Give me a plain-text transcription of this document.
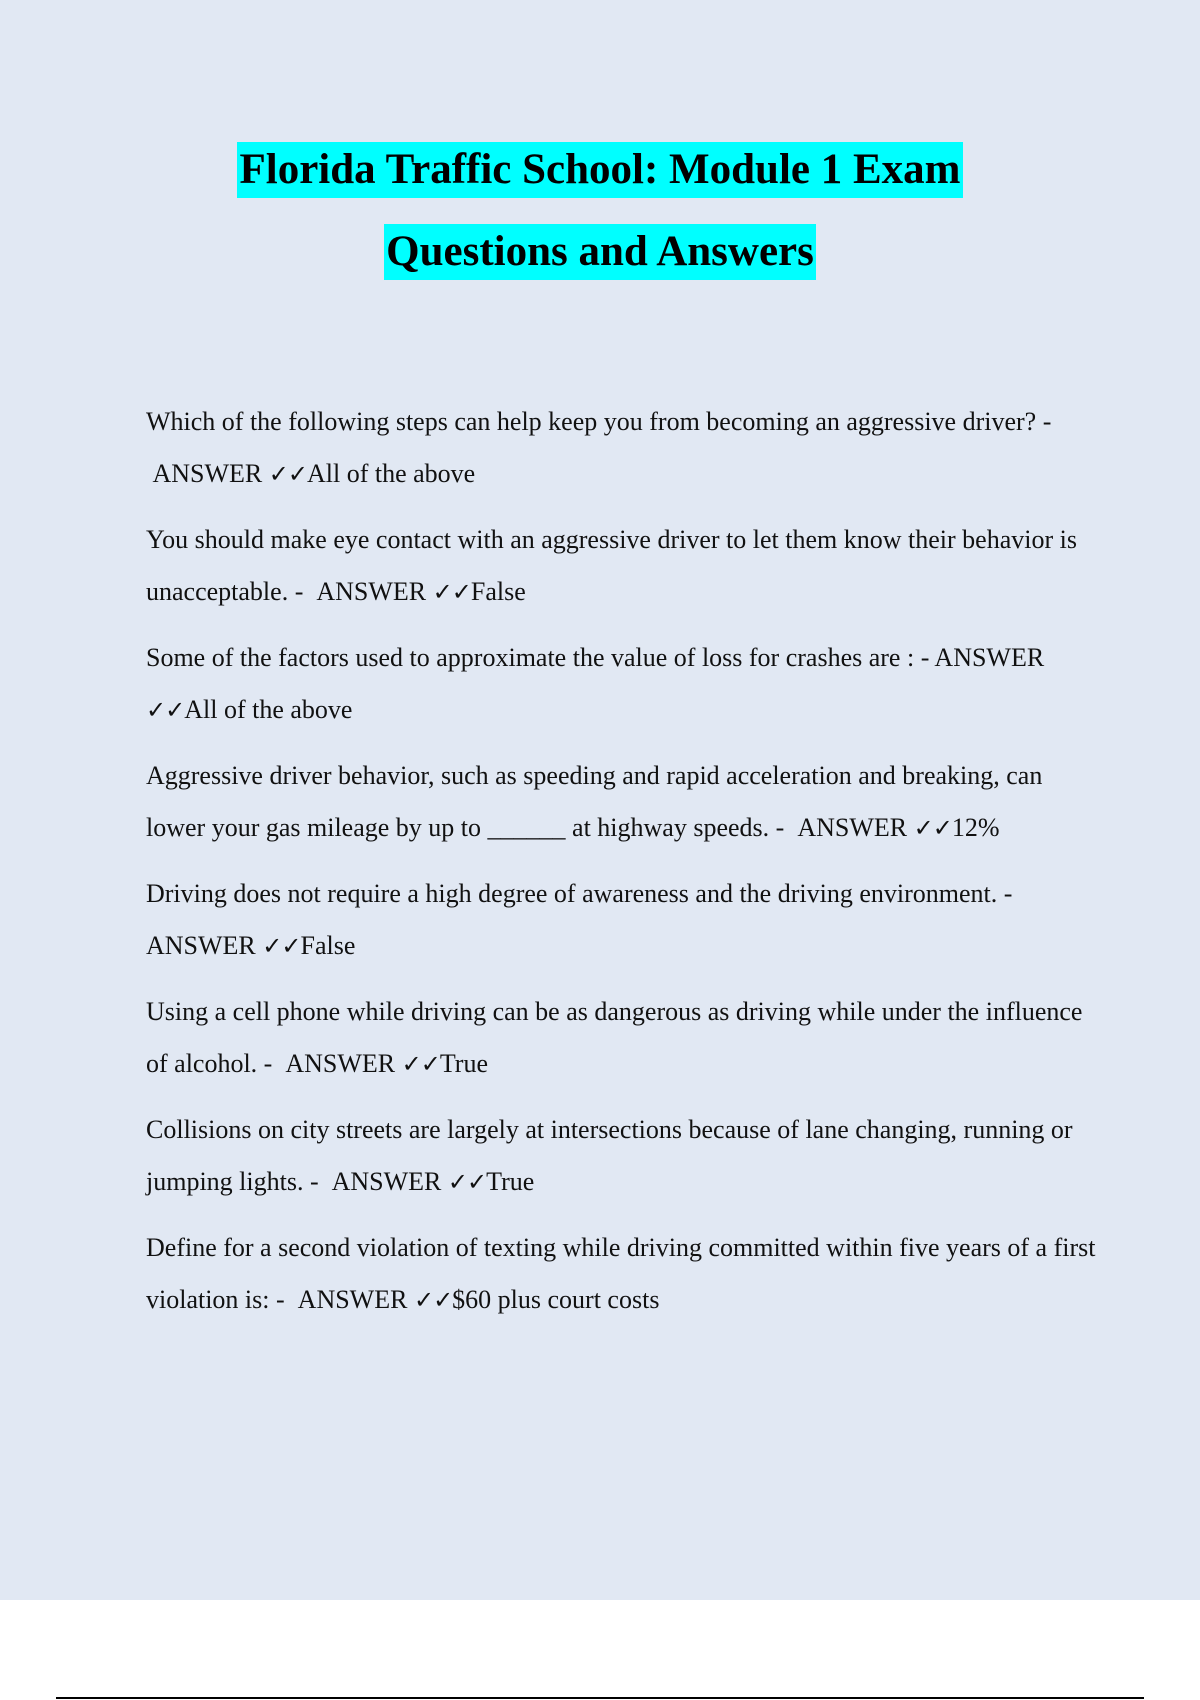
Florida Traffic School: Module 1 Exam
Questions and Answers
Which of the following steps can help keep you from becoming an aggressive driver? -  ANSWER ✓✓All of the above
You should make eye contact with an aggressive driver to let them know their behavior is unacceptable. -  ANSWER ✓✓False
Some of the factors used to approximate the value of loss for crashes are : - ANSWER ✓✓All of the above
Aggressive driver behavior, such as speeding and rapid acceleration and breaking, can lower your gas mileage by up to ______ at highway speeds. -  ANSWER ✓✓12%
Driving does not require a high degree of awareness and the driving environment. - ANSWER ✓✓False
Using a cell phone while driving can be as dangerous as driving while under the influence of alcohol. -  ANSWER ✓✓True
Collisions on city streets are largely at intersections because of lane changing, running or jumping lights. -  ANSWER ✓✓True
Define for a second violation of texting while driving committed within five years of a first violation is: -  ANSWER ✓✓$60 plus court costs
